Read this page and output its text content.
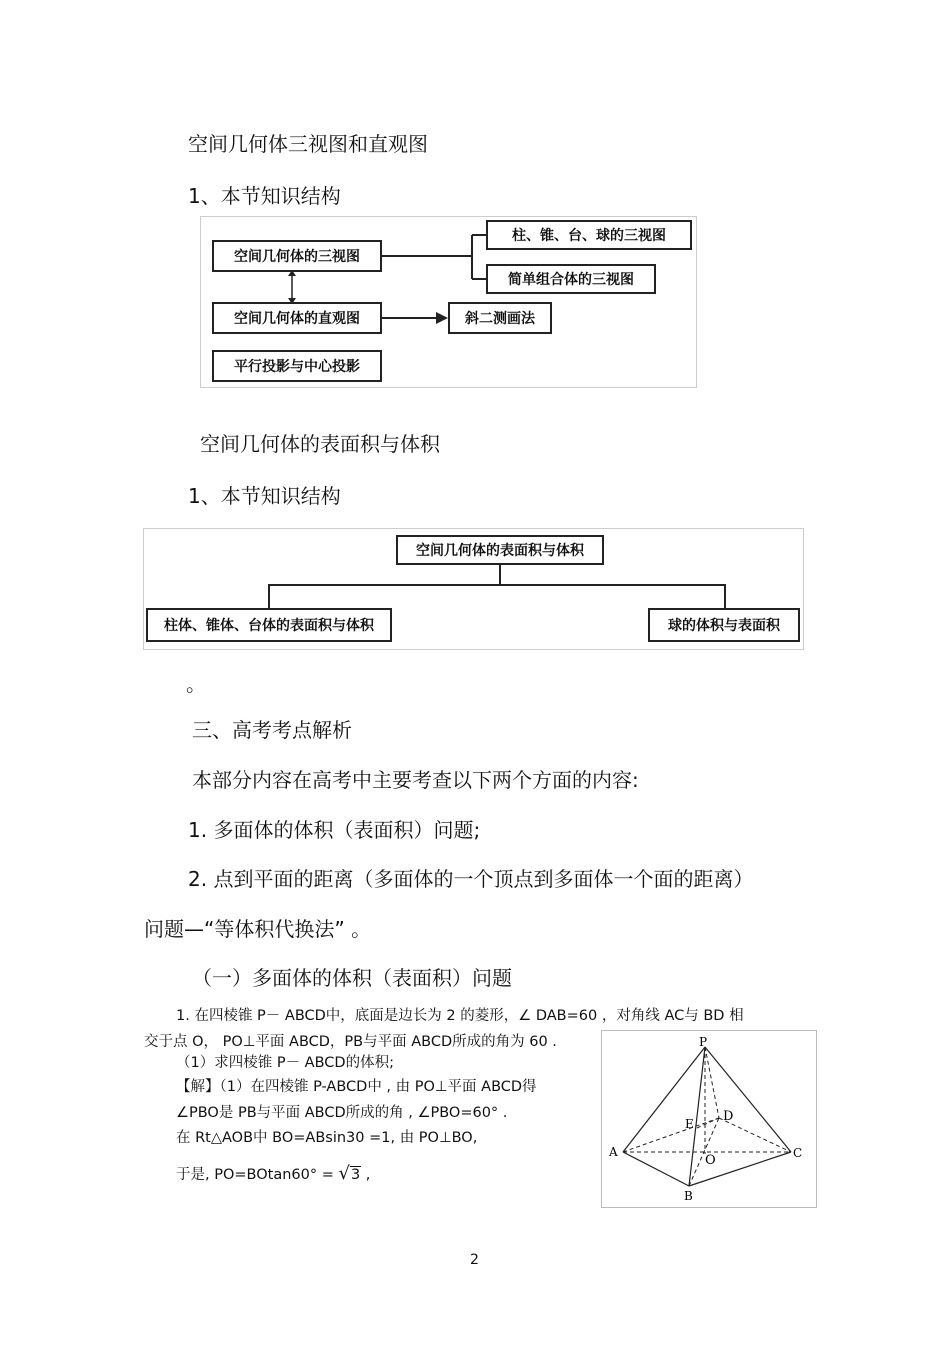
空间几何体三视图和直观图
1、本节知识结构
空间几何体的三视图
柱、锥、台、球的三视图
简单组合体的三视图
空间几何体的直观图	斜二测画法
平行投影与中心投影
空间几何体的表面积与体积
1、本节知识结构
空间几何体的表面积与体积
柱体、锥体、台体的表面积与体积	球的体积与表面积
。
三、高考考点解析
本部分内容在高考中主要考查以下两个方面的内容:
1. 多面体的体积（表面积）问题;
2. 点到平面的距离（多面体的一个顶点到多面体一个面的距离）
问题—“等体积代换法” 。
（一）多面体的体积（表面积）问题
1. 在四棱锥 P－ ABCD中，底面是边长为 2 的菱形，∠ DAB=60 ，对角线 AC与 BD 相
交于点 O， PO⊥平面 ABCD，PB与平面 ABCD所成的角为 60 .
（1）求四棱锥 P－ ABCD的体积;
【解】（1）在四棱锥 P-ABCD中 , 由 PO⊥平面 ABCD得
∠PBO是 PB与平面 ABCD所成的角 , ∠PBO=60° .
在 Rt△AOB中 BO=ABsin30 =1, 由 PO⊥BO,
于是, PO=BOtan60° = √3 ,
P
A
B
C
D
E
O
2
